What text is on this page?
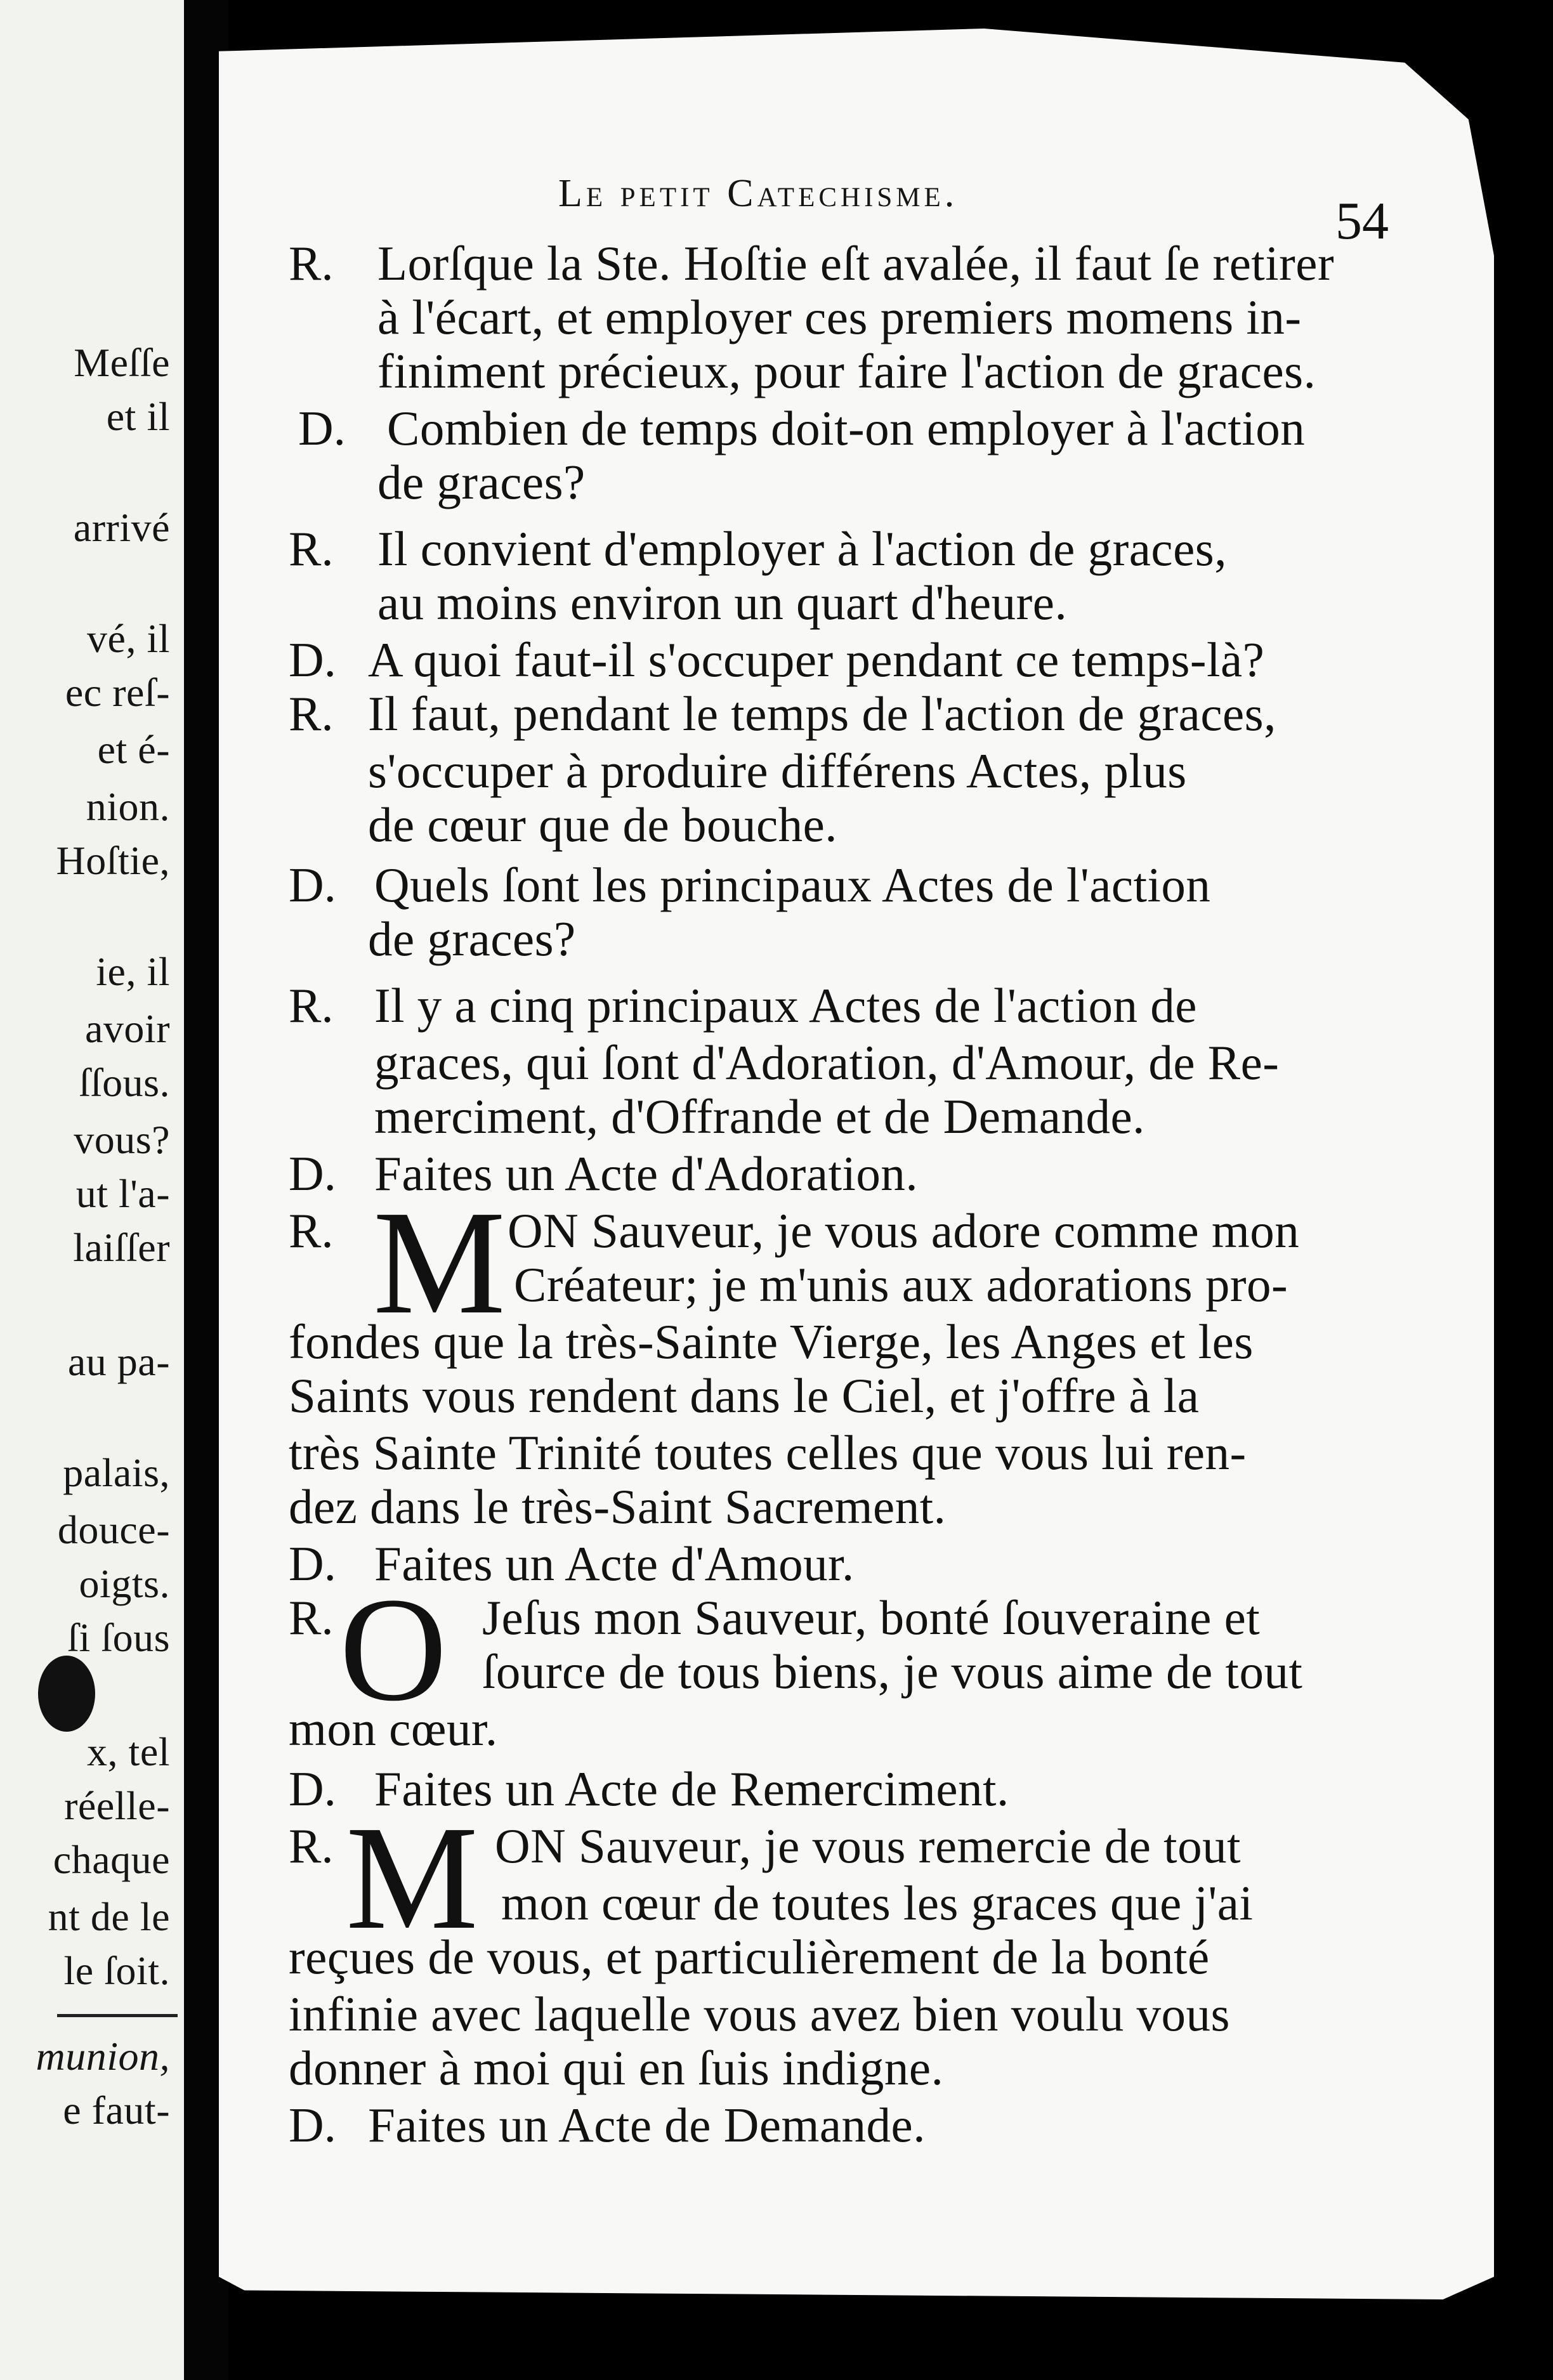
Meſſe
et il
arrivé
vé, il
ec reſ-
et é-
nion.
Hoſtie,
ie, il
avoir
ſſous.
vous?
ut l'a-
laiſſer
au pa-
palais,
douce-
oigts.
ſi ſous
x, tel
réelle-
chaque
nt de le
le ſoit.
munion,
e faut-
Le petit Catechisme.	54
R. Lorſque la Ste. Hoſtie eſt avalée, il faut ſe retirer
à l'écart, et employer ces premiers momens in-
finiment précieux, pour faire l'action de graces.
D. Combien de temps doit-on employer à l'action
de graces?
R. Il convient d'employer à l'action de graces,
au moins environ un quart d'heure.
D. A quoi faut-il s'occuper pendant ce temps-là?
R. Il faut, pendant le temps de l'action de graces,
s'occuper à produire différens Actes, plus
de cœur que de bouche.
D. Quels ſont les principaux Actes de l'action
de graces?
R. Il y a cinq principaux Actes de l'action de
graces, qui ſont d'Adoration, d'Amour, de Re-
merciment, d'Offrande et de Demande.
D. Faites un Acte d'Adoration.
R. M ON Sauveur, je vous adore comme mon
Créateur; je m'unis aux adorations pro-
fondes que la très-Sainte Vierge, les Anges et les
Saints vous rendent dans le Ciel, et j'offre à la
très Sainte Trinité toutes celles que vous lui ren-
dez dans le très-Saint Sacrement.
D. Faites un Acte d'Amour.
R. O Jeſus mon Sauveur, bonté ſouveraine et
ſource de tous biens, je vous aime de tout
mon cœur.
D. Faites un Acte de Remerciment.
R. M ON Sauveur, je vous remercie de tout
mon cœur de toutes les graces que j'ai
reçues de vous, et particulièrement de la bonté
infinie avec laquelle vous avez bien voulu vous
donner à moi qui en ſuis indigne.
D. Faites un Acte de Demande.
